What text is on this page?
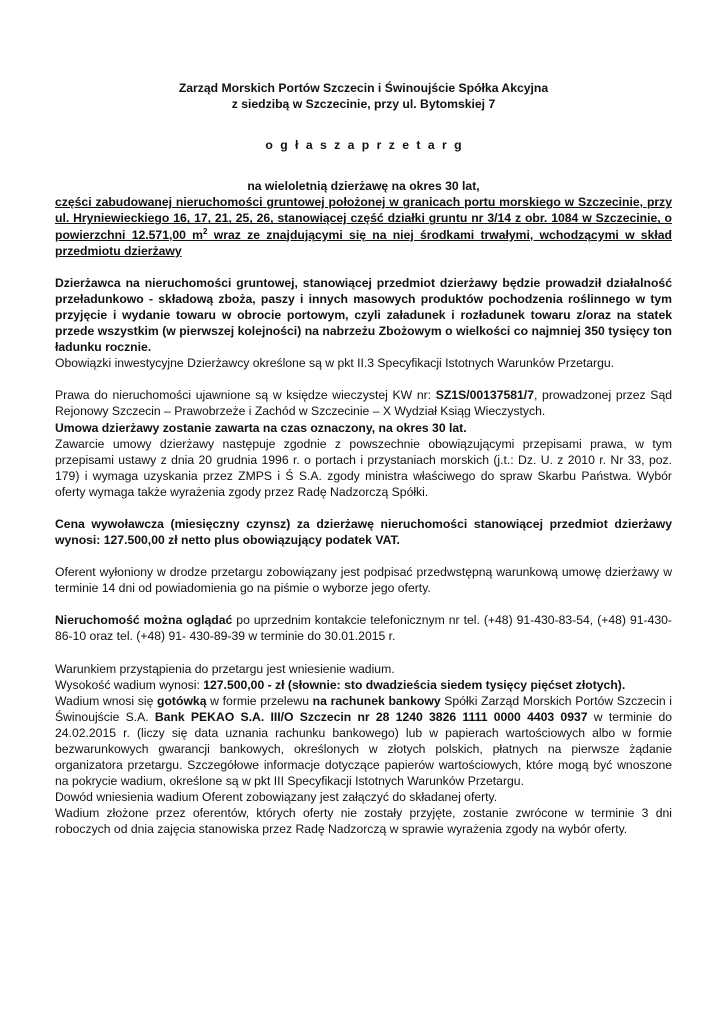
Zarząd Morskich Portów Szczecin i Świnoujście Spółka Akcyjna

z siedzibą w Szczecinie, przy ul. Bytomskiej 7

o g ł a s z a p r z e t a r g

na wieloletnią dzierżawę na okres 30 lat,

części zabudowanej nieruchomości gruntowej położonej w granicach portu morskiego w Szczecinie, przy ul. Hryniewieckiego 16, 17, 21, 25, 26, stanowiącej część działki gruntu nr 3/14 z obr. 1084 w Szczecinie, o powierzchni 12.571,00 $m^2$ wraz ze znajdującymi się na niej środkami trwałymi, wchodzącymi w skład przedmiotu dzierżawy

Dzierżawca na nieruchomości gruntowej, stanowiącej przedmiot dzierżawy będzie prowadził działalność przeładunkowo - składową zboża, paszy i innych masowych produktów pochodzenia roślinnego w tym przyjęcie i wydanie towaru w obrocie portowym, czyli załadunek i rozładunek towaru z/oraz na statek przede wszystkim (w pierwszej kolejności) na nabrzeżu Zbożowym o wielkości co najmniej 350 tysięcy ton ładunku rocznie.

Obowiązki inwestycyjne Dzierżawcy określone są w pkt II.3 Specyfikacji Istotnych Warunków Przetargu.

Prawa do nieruchomości ujawnione są w księdze wieczystej KW nr: SZ1S/00137581/7, prowadzonej przez Sąd Rejonowy Szczecin – Prawobrzeże i Zachód w Szczecinie – X Wydział Ksiąg Wieczystych.

Umowa dzierżawy zostanie zawarta na czas oznaczony, na okres 30 lat.

Zawarcie umowy dzierżawy następuje zgodnie z powszechnie obowiązującymi przepisami prawa, w tym przepisami ustawy z dnia 20 grudnia 1996 r. o portach i przystaniach morskich (j.t.: Dz. U. z 2010 r. Nr 33, poz. 179) i wymaga uzyskania przez ZMPS i Ś S.A. zgody ministra właściwego do spraw Skarbu Państwa. Wybór oferty wymaga także wyrażenia zgody przez Radę Nadzorczą Spółki.

Cena wywoławcza (miesięczny czynsz) za dzierżawę nieruchomości stanowiącej przedmiot dzierżawy wynosi: 127.500,00 zł netto plus obowiązujący podatek VAT.

Oferent wyłoniony w drodze przetargu zobowiązany jest podpisać przedwstępną warunkową umowę dzierżawy w terminie 14 dni od powiadomienia go na piśmie o wyborze jego oferty.

Nieruchomość można oglądać po uprzednim kontakcie telefonicznym nr tel. (+48) 91-430-83-54, (+48) 91-430-86-10 oraz tel. (+48) 91- 430-89-39 w terminie do 30.01.2015 r.

Warunkiem przystąpienia do przetargu jest wniesienie wadium.

Wysokość wadium wynosi: 127.500,00 - zł (słownie: sto dwadzieścia siedem tysięcy pięćset złotych).

Wadium wnosi się gotówką w formie przelewu na rachunek bankowy Spółki Zarząd Morskich Portów Szczecin i Świnoujście S.A. Bank PEKAO S.A. III/O Szczecin nr 28 1240 3826 1111 0000 4403 0937 w terminie do 24.02.2015 r. (liczy się data uznania rachunku bankowego) lub w papierach wartościowych albo w formie bezwarunkowych gwarancji bankowych, określonych w złotych polskich, płatnych na pierwsze żądanie organizatora przetargu. Szczegółowe informacje dotyczące papierów wartościowych, które mogą być wnoszone na pokrycie wadium, określone są w pkt III Specyfikacji Istotnych Warunków Przetargu.

Dowód wniesienia wadium Oferent zobowiązany jest załączyć do składanej oferty.

Wadium złożone przez oferentów, których oferty nie zostały przyjęte, zostanie zwrócone w terminie 3 dni roboczych od dnia zajęcia stanowiska przez Radę Nadzorczą w sprawie wyrażenia zgody na wybór oferty.
